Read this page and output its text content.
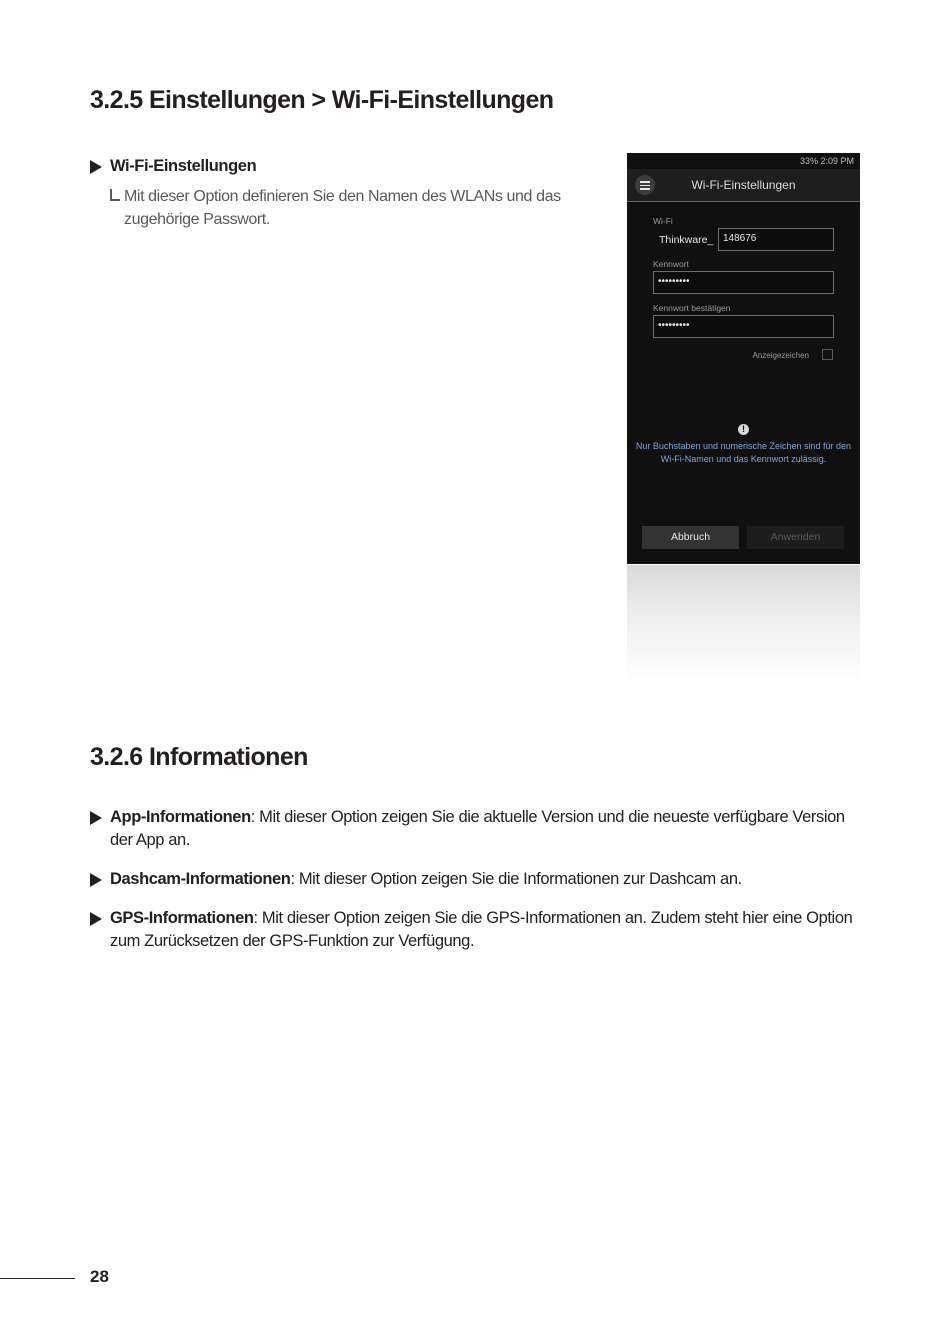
3.2.5 Einstellungen > Wi-Fi-Einstellungen
Wi-Fi-Einstellungen
Mit dieser Option definieren Sie den Namen des WLANs und das zugehörige Passwort.
33% 2:09 PM
Wi-Fi-Einstellungen
Wi-Fi
Thinkware_ 148676
Kennwort
•••••••••
Kennwort bestätigen
•••••••••
Anzeigezeichen
!
Nur Buchstaben und numerische Zeichen sind für den Wi-Fi-Namen und das Kennwort zulässig.
Abbruch	Anwenden
3.2.6 Informationen
App-Informationen: Mit dieser Option zeigen Sie die aktuelle Version und die neueste verfügbare Version der App an.
Dashcam-Informationen: Mit dieser Option zeigen Sie die Informationen zur Dashcam an.
GPS-Informationen: Mit dieser Option zeigen Sie die GPS-Informationen an. Zudem steht hier eine Option zum Zurücksetzen der GPS-Funktion zur Verfügung.
28
